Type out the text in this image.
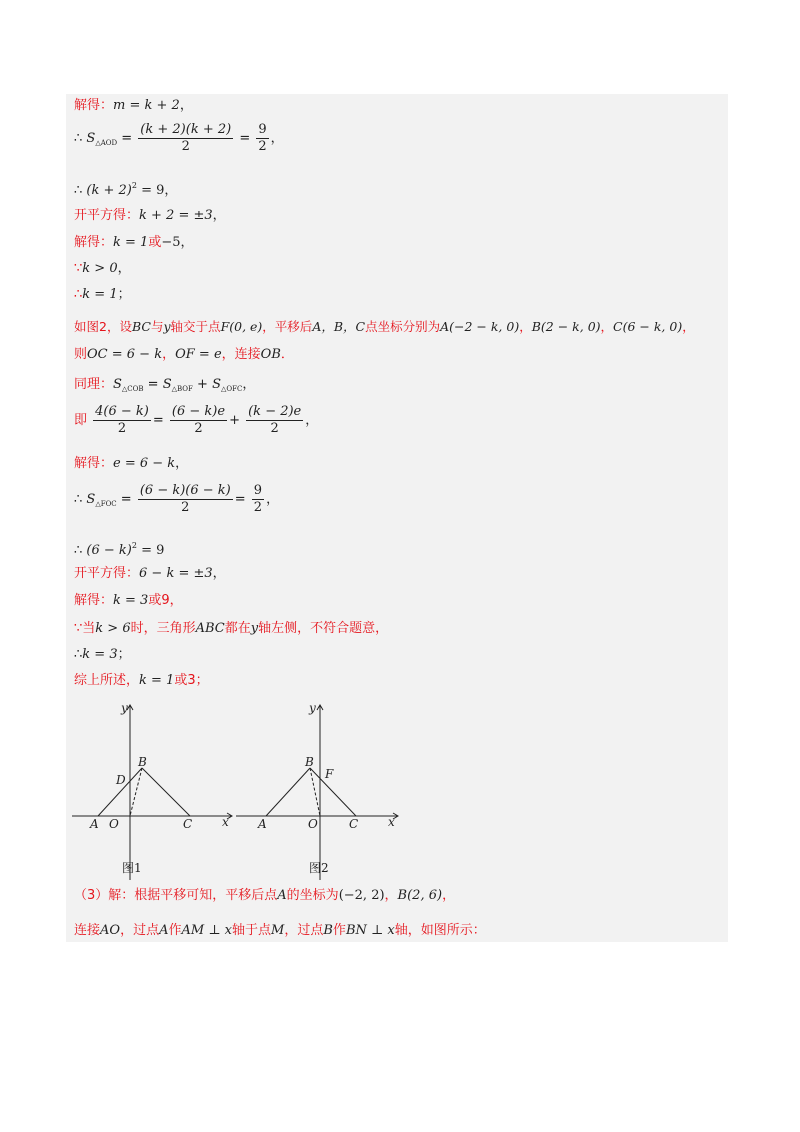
解得：m = k + 2，
∴ $S_{\triangle AOD} = \frac{(k + 2)(k + 2)}{2} = \frac{9}{2}$ ，
∴ $(k + 2)^2 = 9$，
开平方得：k + 2 = ±3，
解得：k = 1或−5，
∵k > 0，
∴k = 1；
如图2，设BC与y轴交于点F(0, e)，平移后A，B，C点坐标分别为A(−2 − k, 0)，B(2 − k, 0)，C(6 − k, 0)，
则OC = 6 − k，OF = e，连接OB．
同理：$S_{\triangle COB} = S_{\triangle BOF} + S_{\triangle OFC}$，
即 $\frac{4(6 - k)}{2} = \frac{(6 - k)e}{2} + \frac{(k - 2)e}{2}$ ，
解得：e = 6 − k，
∴ $S_{\triangle FOC} = \frac{(6 - k)(6 - k)}{2} = \frac{9}{2}$ ，
∴ $(6 - k)^2 = 9$
开平方得：6 − k = ±3，
解得：k = 3或9，
∵当k > 6时，三角形ABC都在y轴左侧，不符合题意，
∴k = 3；
综上所述，k = 1或3；
y
x
A O
B
C
D
图1
y
x
A	O
B
C
F
图2
（3）解：根据平移可知，平移后点A的坐标为(−2, 2)，B(2, 6)，
连接AO，过点A作AM ⊥ x轴于点M，过点B作BN ⊥ x轴，如图所示：
